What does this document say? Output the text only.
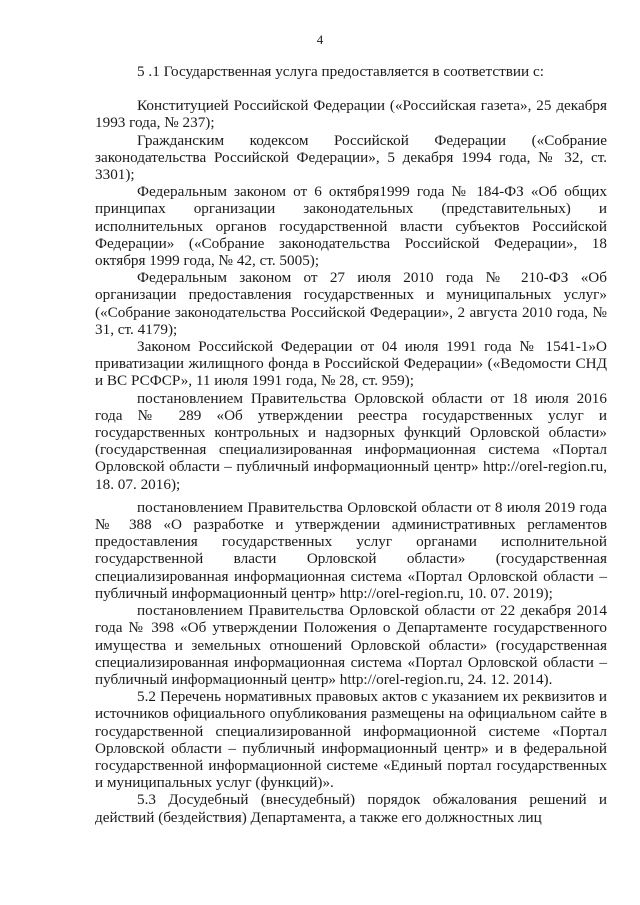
4

5 .1 Государственная услуга предоставляется в соответствии с:

Конституцией Российской Федерации («Российская газета», 25 декабря 1993 года, № 237);

Гражданским кодексом Российской Федерации («Собрание законодательства Российской Федерации», 5 декабря 1994 года, № 32, ст. 3301);

Федеральным законом от 6 октября1999 года № 184-ФЗ «Об общих принципах организации законодательных (представительных) и исполнительных органов государственной власти субъектов Российской Федерации» («Собрание законодательства Российской Федерации», 18 октября 1999 года, № 42, ст. 5005);

Федеральным законом от 27 июля 2010 года № 210-ФЗ «Об организации предоставления государственных и муниципальных услуг» («Собрание законодательства Российской Федерации», 2 августа 2010 года, № 31, ст. 4179);

Законом Российской Федерации от 04 июля 1991 года № 1541-1»О приватизации жилищного фонда в Российской Федерации» («Ведомости СНД и ВС РСФСР», 11 июля 1991 года, № 28, ст. 959);

постановлением Правительства Орловской области от 18 июля 2016 года № 289 «Об утверждении реестра государственных услуг и государственных контрольных и надзорных функций Орловской области» (государственная специализированная информационная система «Портал Орловской области – публичный информационный центр» http://orel-region.ru, 18. 07. 2016);

постановлением Правительства Орловской области от 8 июля 2019 года № 388 «О разработке и утверждении административных регламентов предоставления государственных услуг органами исполнительной государственной власти Орловской области» (государственная специализированная информационная система «Портал Орловской области – публичный информационный центр» http://orel-region.ru, 10. 07. 2019);

постановлением Правительства Орловской области от 22 декабря 2014 года № 398 «Об утверждении Положения о Департаменте государственного имущества и земельных отношений Орловской области» (государственная специализированная информационная система «Портал Орловской области – публичный информационный центр» http://orel-region.ru, 24. 12. 2014).

5.2 Перечень нормативных правовых актов с указанием их реквизитов и источников официального опубликования размещены на официальном сайте в государственной специализированной информационной системе «Портал Орловской области – публичный информационный центр» и в федеральной государственной информационной системе «Единый портал государственных и муниципальных услуг (функций)».

5.3 Досудебный (внесудебный) порядок обжалования решений и действий (бездействия) Департамента, а также его должностных лиц
